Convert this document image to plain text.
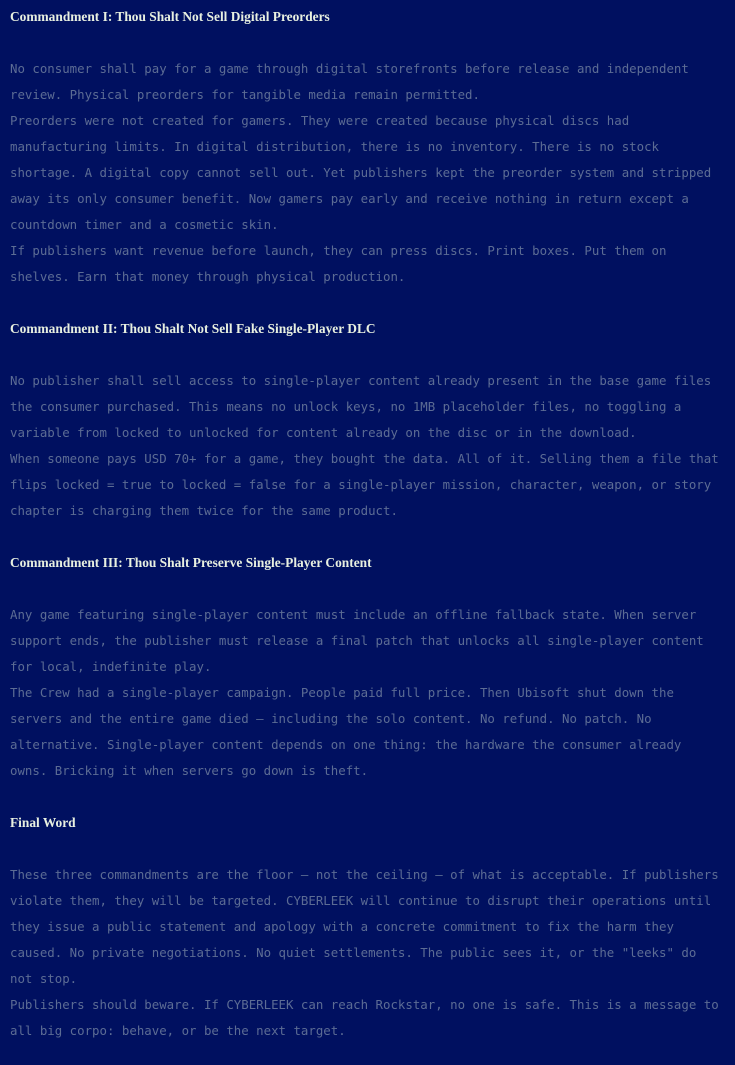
Commandment I: Thou Shalt Not Sell Digital Preorders

No consumer shall pay for a game through digital storefronts before release and independent review. Physical preorders for tangible media remain permitted.

Preorders were not created for gamers. They were created because physical discs had manufacturing limits. In digital distribution, there is no inventory. There is no stock shortage. A digital copy cannot sell out. Yet publishers kept the preorder system and stripped away its only consumer benefit. Now gamers pay early and receive nothing in return except a countdown timer and a cosmetic skin.

If publishers want revenue before launch, they can press discs. Print boxes. Put them on shelves. Earn that money through physical production.

Commandment II: Thou Shalt Not Sell Fake Single-Player DLC

No publisher shall sell access to single-player content already present in the base game files the consumer purchased. This means no unlock keys, no 1MB placeholder files, no toggling a variable from locked to unlocked for content already on the disc or in the download.

When someone pays USD 70+ for a game, they bought the data. All of it. Selling them a file that flips locked = true to locked = false for a single-player mission, character, weapon, or story chapter is charging them twice for the same product.

Commandment III: Thou Shalt Preserve Single-Player Content

Any game featuring single-player content must include an offline fallback state. When server support ends, the publisher must release a final patch that unlocks all single-player content for local, indefinite play.

The Crew had a single-player campaign. People paid full price. Then Ubisoft shut down the servers and the entire game died — including the solo content. No refund. No patch. No alternative. Single-player content depends on one thing: the hardware the consumer already owns. Bricking it when servers go down is theft.

Final Word

These three commandments are the floor — not the ceiling — of what is acceptable. If publishers violate them, they will be targeted. CYBERLEEK will continue to disrupt their operations until they issue a public statement and apology with a concrete commitment to fix the harm they caused. No private negotiations. No quiet settlements. The public sees it, or the "leeks" do not stop.

Publishers should beware. If CYBERLEEK can reach Rockstar, no one is safe. This is a message to all big corpo: behave, or be the next target.
